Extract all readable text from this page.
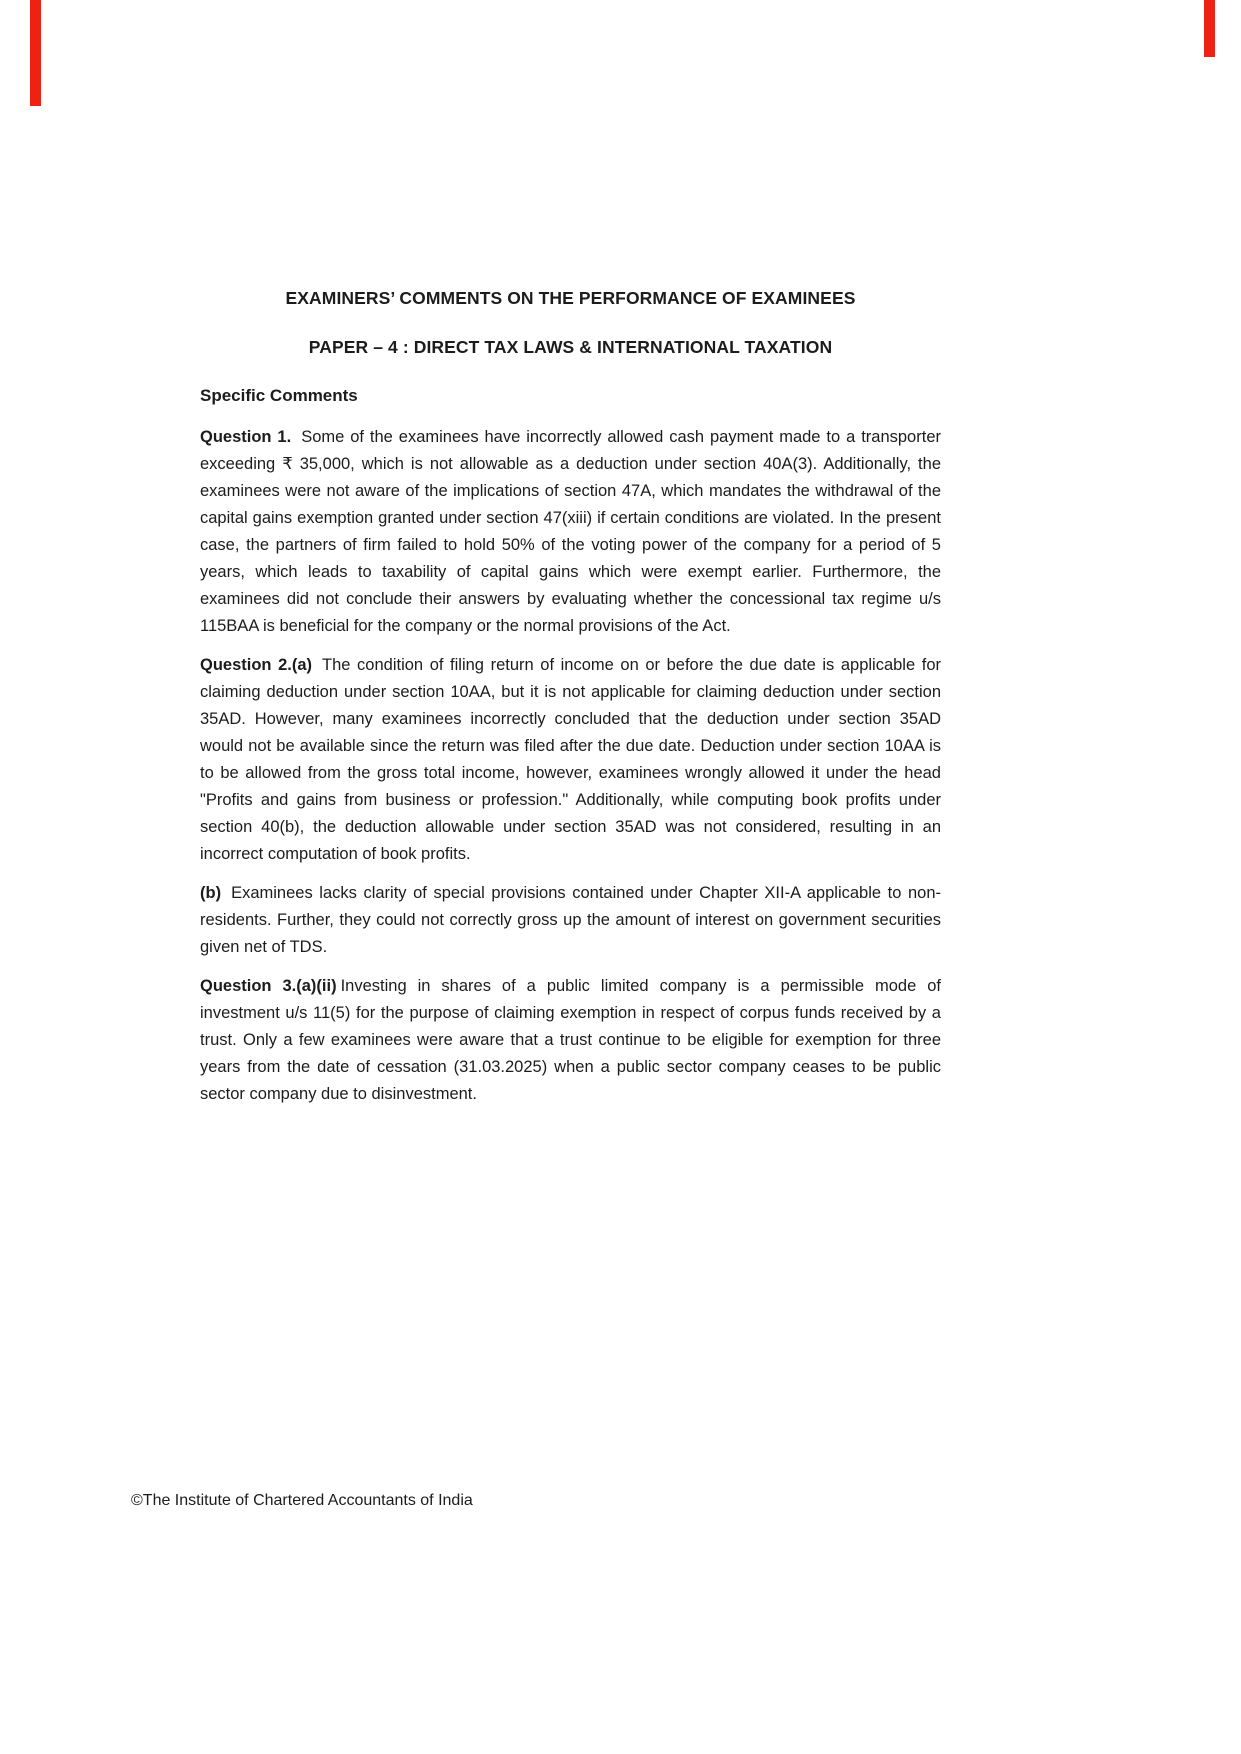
EXAMINERS’ COMMENTS ON THE PERFORMANCE OF EXAMINEES
PAPER – 4 : DIRECT TAX LAWS & INTERNATIONAL TAXATION
Specific Comments

Question 1. Some of the examinees have incorrectly allowed cash payment made to a transporter exceeding ₹ 35,000, which is not allowable as a deduction under section 40A(3). Additionally, the examinees were not aware of the implications of section 47A, which mandates the withdrawal of the capital gains exemption granted under section 47(xiii) if certain conditions are violated. In the present case, the partners of firm failed to hold 50% of the voting power of the company for a period of 5 years, which leads to taxability of capital gains which were exempt earlier. Furthermore, the examinees did not conclude their answers by evaluating whether the concessional tax regime u/s 115BAA is beneficial for the company or the normal provisions of the Act.

Question 2.(a) The condition of filing return of income on or before the due date is applicable for claiming deduction under section 10AA, but it is not applicable for claiming deduction under section 35AD. However, many examinees incorrectly concluded that the deduction under section 35AD would not be available since the return was filed after the due date. Deduction under section 10AA is to be allowed from the gross total income, however, examinees wrongly allowed it under the head "Profits and gains from business or profession." Additionally, while computing book profits under section 40(b), the deduction allowable under section 35AD was not considered, resulting in an incorrect computation of book profits.

(b) Examinees lacks clarity of special provisions contained under Chapter XII-A applicable to non-residents. Further, they could not correctly gross up the amount of interest on government securities given net of TDS.

Question 3.(a)(ii) Investing in shares of a public limited company is a permissible mode of investment u/s 11(5) for the purpose of claiming exemption in respect of corpus funds received by a trust. Only a few examinees were aware that a trust continue to be eligible for exemption for three years from the date of cessation (31.03.2025) when a public sector company ceases to be public sector company due to disinvestment.

©The Institute of Chartered Accountants of India
